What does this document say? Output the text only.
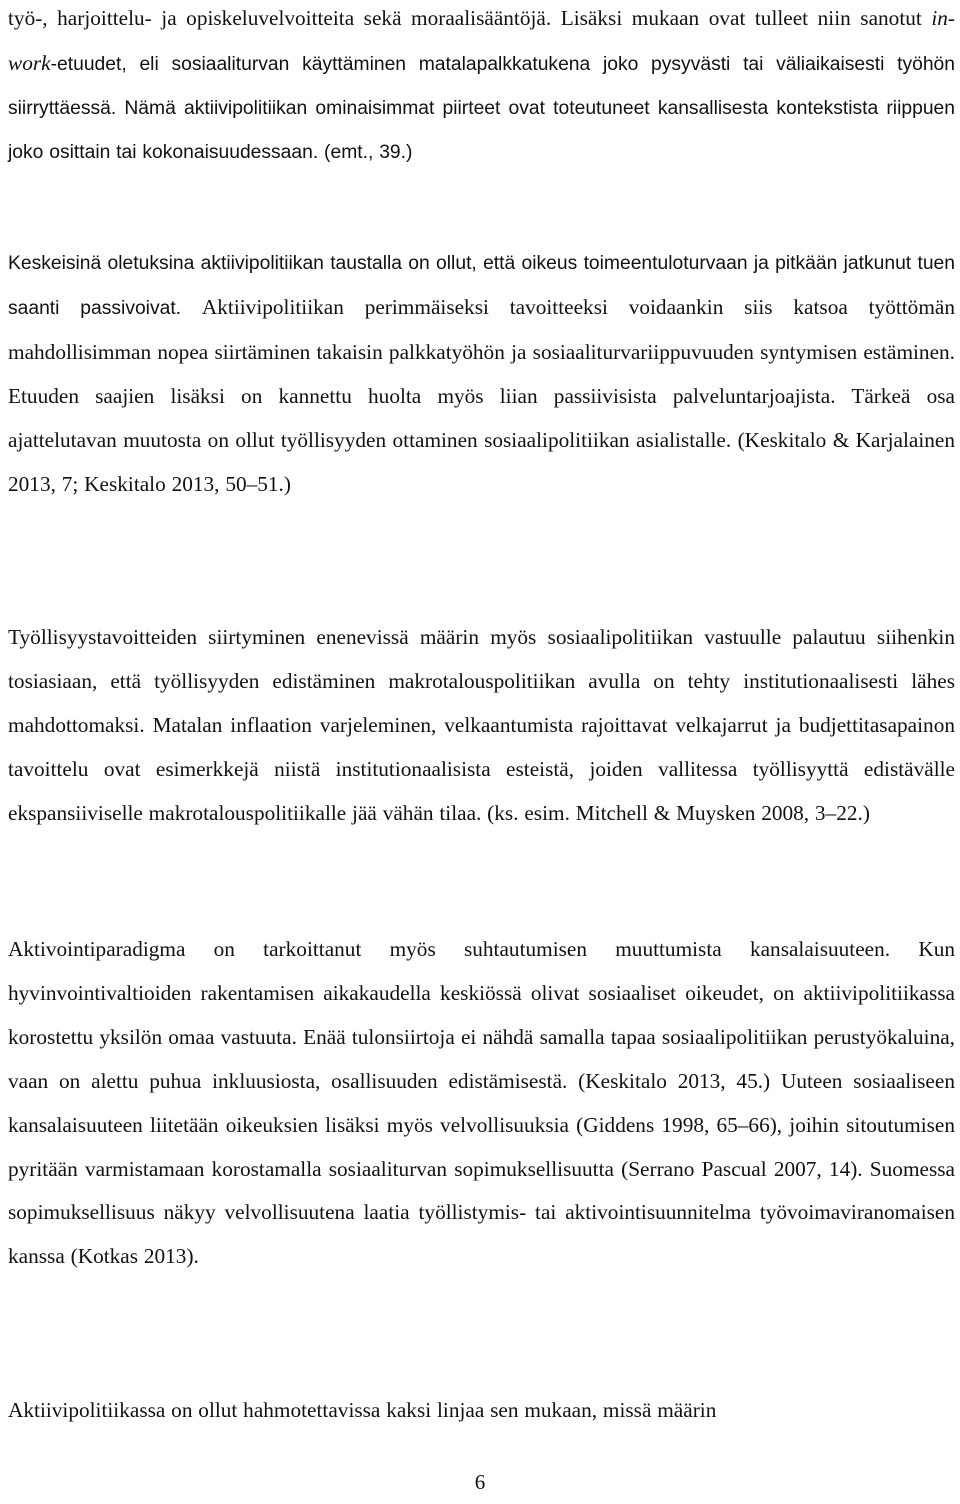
työ-, harjoittelu- ja opiskeluvelvoitteita sekä moraalisääntöjä. Lisäksi mukaan ovat tulleet niin sanotut in-work-etuudet, eli sosiaaliturvan käyttäminen matalapalkkatukena joko pysyvästi tai väliaikaisesti työhön siirryttäessä. Nämä aktiivipolitiikan ominaisimmat piirteet ovat toteutuneet kansallisesta kontekstista riippuen joko osittain tai kokonaisuudessaan. (emt., 39.)

Keskeisinä oletuksina aktiivipolitiikan taustalla on ollut, että oikeus toimeentuloturvaan ja pitkään jatkunut tuen saanti passivoivat. Aktiivipolitiikan perimmäiseksi tavoitteeksi voidaankin siis katsoa työttömän mahdollisimman nopea siirtäminen takaisin palkkatyöhön ja sosiaaliturvariippuvuuden syntymisen estäminen. Etuuden saajien lisäksi on kannettu huolta myös liian passiivisista palveluntarjoajista. Tärkeä osa ajattelutavan muutosta on ollut työllisyyden ottaminen sosiaalipolitiikan asialistalle. (Keskitalo & Karjalainen 2013, 7; Keskitalo 2013, 50–51.)

Työllisyystavoitteiden siirtyminen enenevissä määrin myös sosiaalipolitiikan vastuulle palautuu siihenkin tosiasiaan, että työllisyyden edistäminen makrotalouspolitiikan avulla on tehty institutionaalisesti lähes mahdottomaksi. Matalan inflaation varjeleminen, velkaantumista rajoittavat velkajarrut ja budjettitasapainon tavoittelu ovat esimerkkejä niistä institutionaalisista esteistä, joiden vallitessa työllisyyttä edistävälle ekspansiiviselle makrotalouspolitiikalle jää vähän tilaa. (ks. esim. Mitchell & Muysken 2008, 3–22.)

Aktivointiparadigma on tarkoittanut myös suhtautumisen muuttumista kansalaisuuteen. Kun hyvinvointivaltioiden rakentamisen aikakaudella keskiössä olivat sosiaaliset oikeudet, on aktiivipolitiikassa korostettu yksilön omaa vastuuta. Enää tulonsiirtoja ei nähdä samalla tapaa sosiaalipolitiikan perustyökaluina, vaan on alettu puhua inkluusiosta, osallisuuden edistämisestä. (Keskitalo 2013, 45.) Uuteen sosiaaliseen kansalaisuuteen liitetään oikeuksien lisäksi myös velvollisuuksia (Giddens 1998, 65–66), joihin sitoutumisen pyritään varmistamaan korostamalla sosiaaliturvan sopimuksellisuutta (Serrano Pascual 2007, 14). Suomessa sopimuksellisuus näkyy velvollisuutena laatia työllistymis- tai aktivointisuunnitelma työvoimaviranomaisen kanssa (Kotkas 2013).

Aktiivipolitiikassa on ollut hahmotettavissa kaksi linjaa sen mukaan, missä määrin

6
